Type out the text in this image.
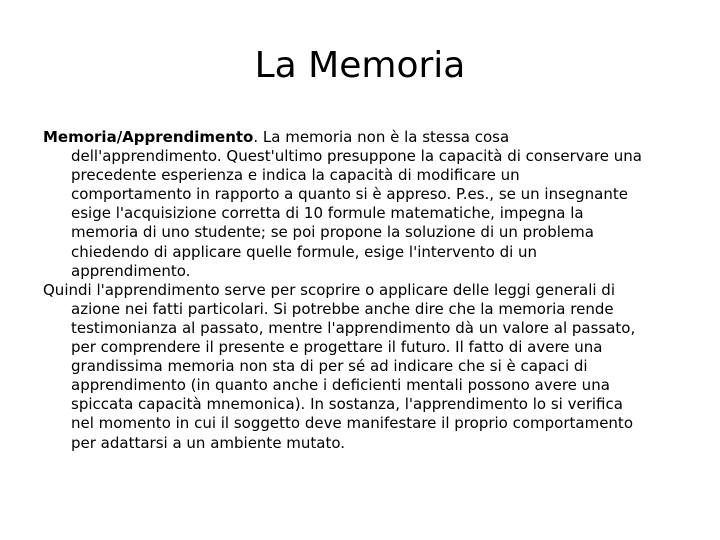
La Memoria

Memoria/Apprendimento. La memoria non è la stessa cosa dell'apprendimento. Quest'ultimo presuppone la capacità di conservare una precedente esperienza e indica la capacità di modificare un comportamento in rapporto a quanto si è appreso. P.es., se un insegnante esige l'acquisizione corretta di 10 formule matematiche, impegna la memoria di uno studente; se poi propone la soluzione di un problema chiedendo di applicare quelle formule, esige l'intervento di un apprendimento.

Quindi l'apprendimento serve per scoprire o applicare delle leggi generali di azione nei fatti particolari. Si potrebbe anche dire che la memoria rende testimonianza al passato, mentre l'apprendimento dà un valore al passato, per comprendere il presente e progettare il futuro. Il fatto di avere una grandissima memoria non sta di per sé ad indicare che si è capaci di apprendimento (in quanto anche i deficienti mentali possono avere una spiccata capacità mnemonica). In sostanza, l'apprendimento lo si verifica nel momento in cui il soggetto deve manifestare il proprio comportamento per adattarsi a un ambiente mutato.
